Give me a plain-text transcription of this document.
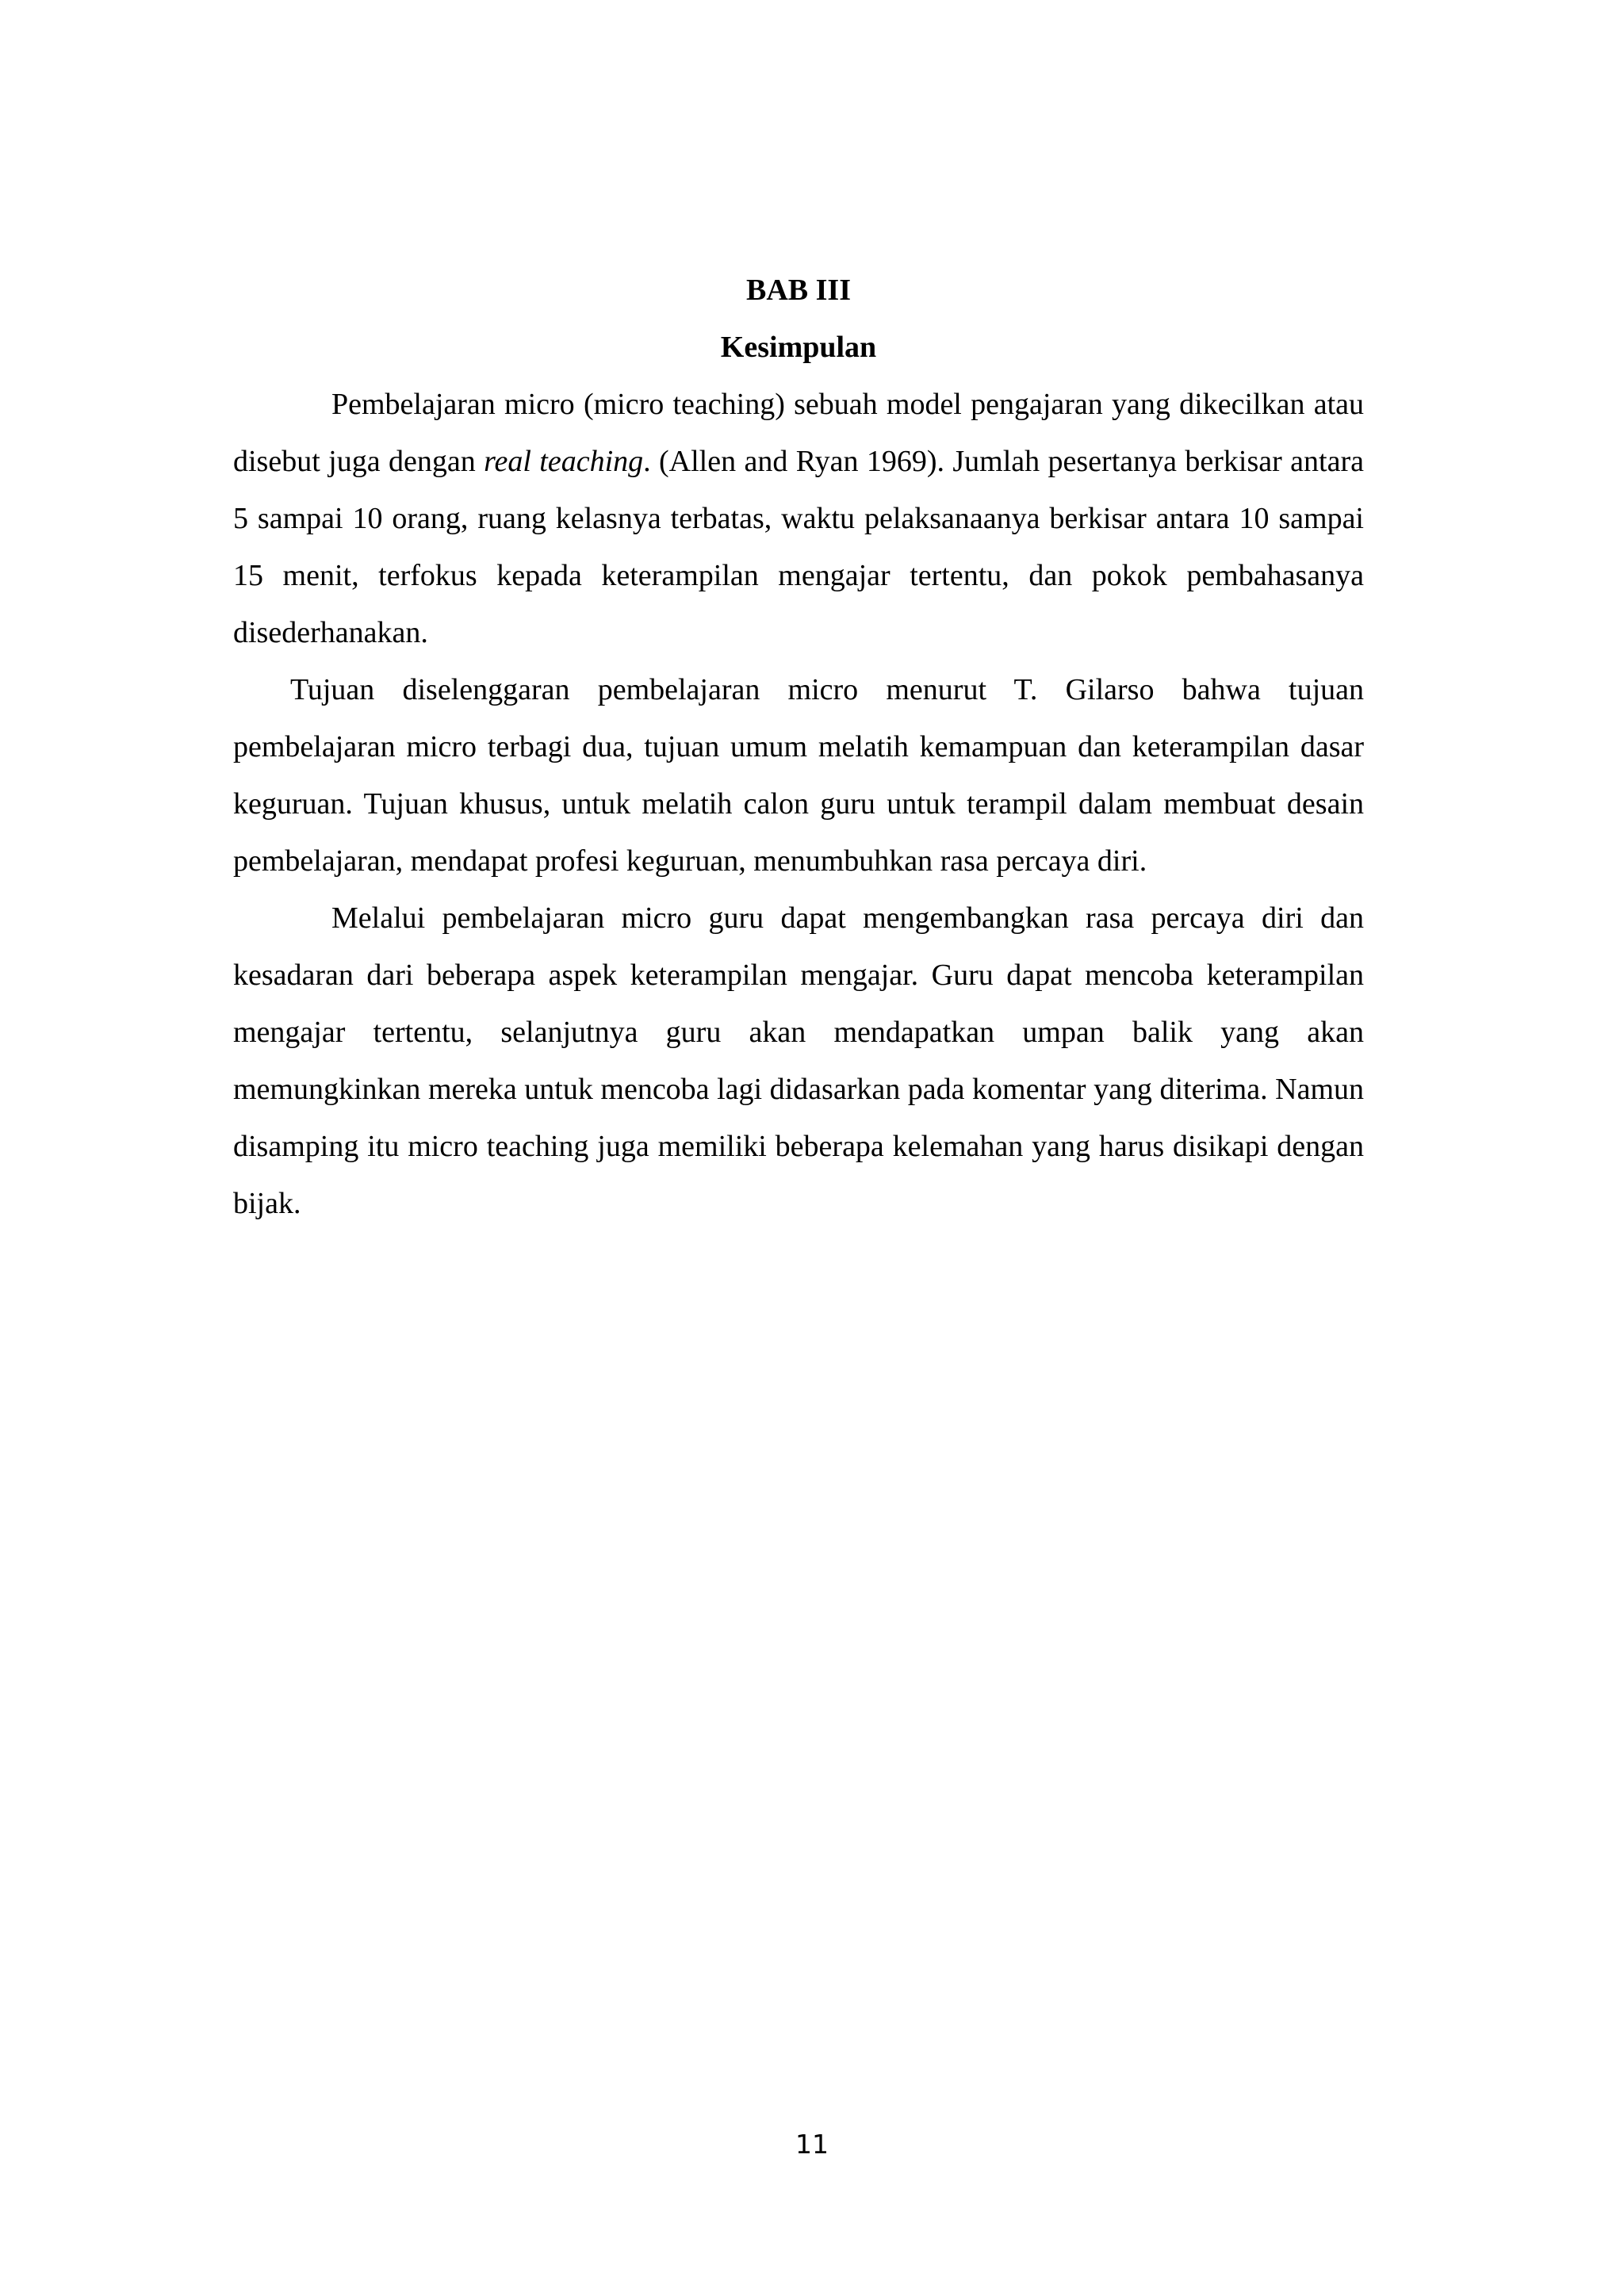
BAB III
Kesimpulan

Pembelajaran micro (micro teaching) sebuah model pengajaran yang dikecilkan atau disebut juga dengan real teaching. (Allen and Ryan 1969). Jumlah pesertanya berkisar antara 5 sampai 10 orang, ruang kelasnya terbatas, waktu pelaksanaanya berkisar antara 10 sampai 15 menit, terfokus kepada keterampilan mengajar tertentu, dan pokok pembahasanya disederhanakan.

Tujuan diselenggaran pembelajaran micro menurut T. Gilarso bahwa tujuan pembelajaran micro terbagi dua, tujuan umum melatih kemampuan dan keterampilan dasar keguruan. Tujuan khusus, untuk melatih calon guru untuk terampil dalam membuat desain pembelajaran, mendapat profesi keguruan, menumbuhkan rasa percaya diri.

Melalui pembelajaran micro guru dapat mengembangkan rasa percaya diri dan kesadaran dari beberapa aspek keterampilan mengajar. Guru dapat mencoba keterampilan mengajar tertentu, selanjutnya guru akan mendapatkan umpan balik yang akan memungkinkan mereka untuk mencoba lagi didasarkan pada komentar yang diterima. Namun disamping itu micro teaching juga memiliki beberapa kelemahan yang harus disikapi dengan bijak.

11
